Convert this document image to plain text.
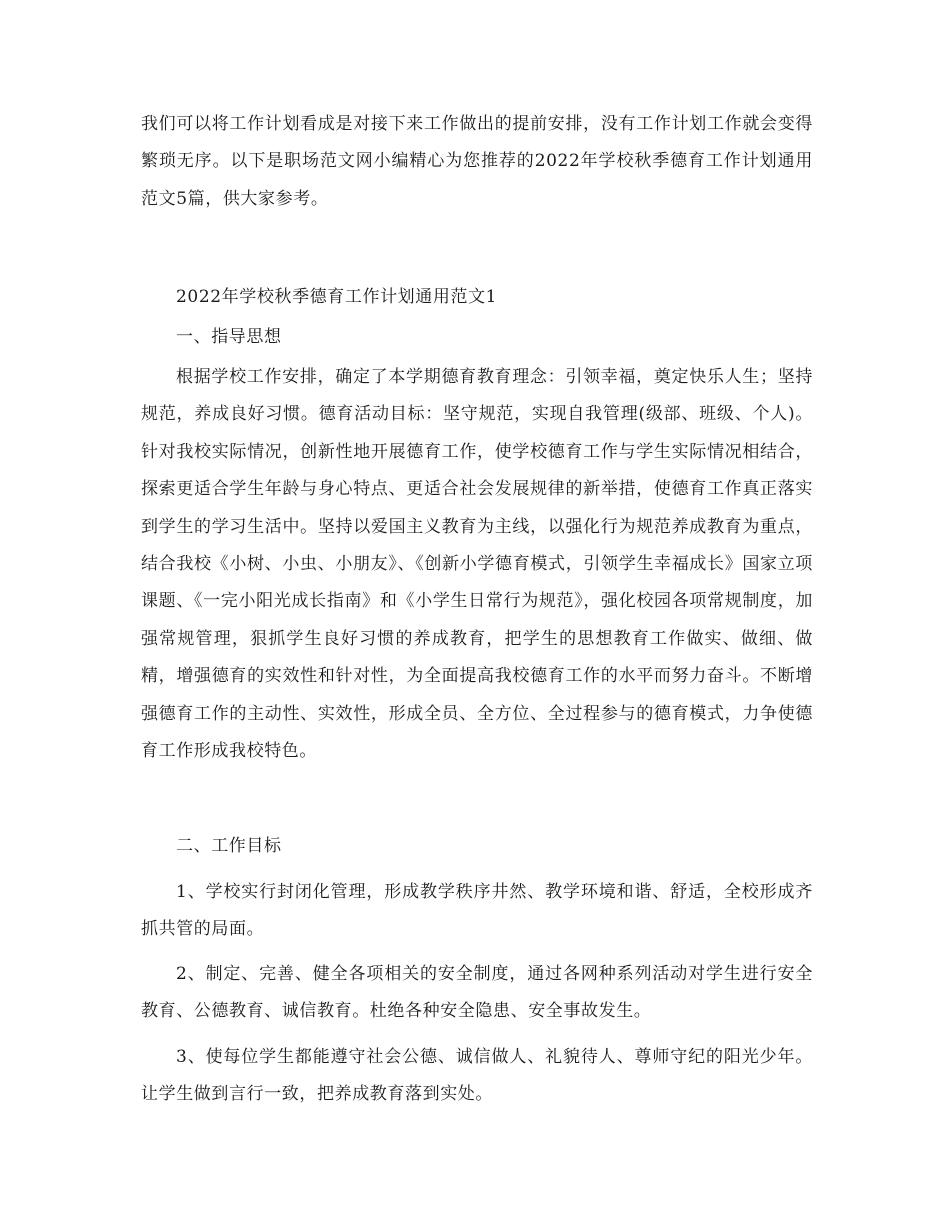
我们可以将工作计划看成是对接下来工作做出的提前安排，没有工作计划工作就会变得繁琐无序。以下是职场范文网小编精心为您推荐的2022年学校秋季德育工作计划通用范文5篇，供大家参考。

2022年学校秋季德育工作计划通用范文1
一、指导思想

根据学校工作安排，确定了本学期德育教育理念：引领幸福，奠定快乐人生；坚持规范，养成良好习惯。德育活动目标：坚守规范，实现自我管理(级部、班级、个人)。针对我校实际情况，创新性地开展德育工作，使学校德育工作与学生实际情况相结合，探索更适合学生年龄与身心特点、更适合社会发展规律的新举措，使德育工作真正落实到学生的学习生活中。坚持以爱国主义教育为主线，以强化行为规范养成教育为重点，结合我校《小树、小虫、小朋友》、《创新小学德育模式，引领学生幸福成长》国家立项课题、《一完小阳光成长指南》和《小学生日常行为规范》，强化校园各项常规制度，加强常规管理，狠抓学生良好习惯的养成教育，把学生的思想教育工作做实、做细、做精，增强德育的实效性和针对性，为全面提高我校德育工作的水平而努力奋斗。不断增强德育工作的主动性、实效性，形成全员、全方位、全过程参与的德育模式，力争使德育工作形成我校特色。

二、工作目标

1、学校实行封闭化管理，形成教学秩序井然、教学环境和谐、舒适，全校形成齐抓共管的局面。

2、制定、完善、健全各项相关的安全制度，通过各网种系列活动对学生进行安全教育、公德教育、诚信教育。杜绝各种安全隐患、安全事故发生。

3、使每位学生都能遵守社会公德、诚信做人、礼貌待人、尊师守纪的阳光少年。让学生做到言行一致，把养成教育落到实处。
